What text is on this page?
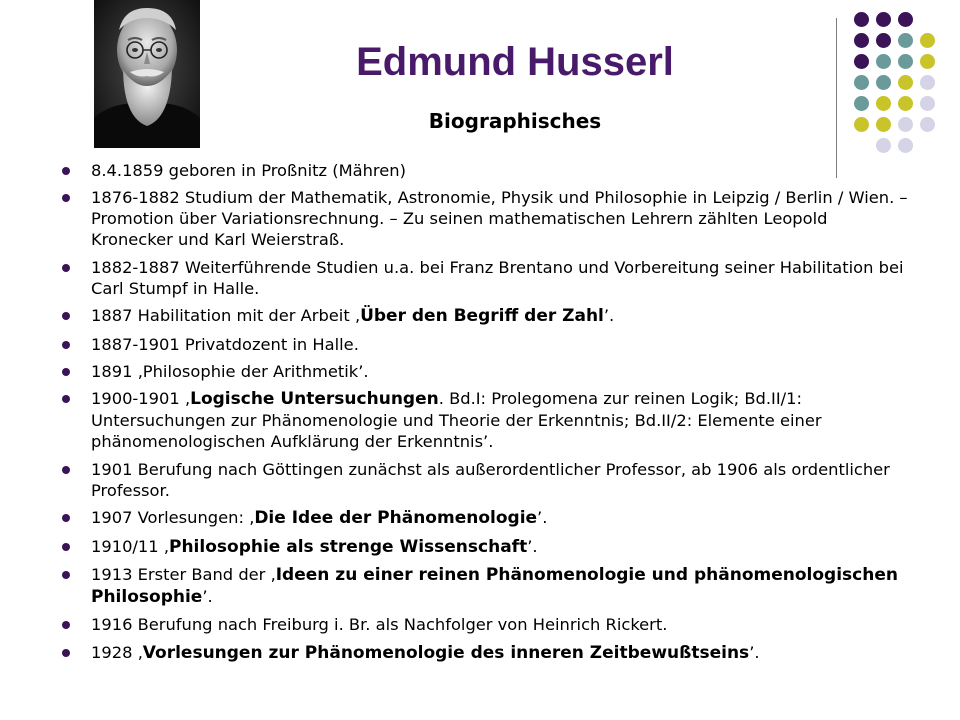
Edmund Husserl
Biographisches
8.4.1859 geboren in Proßnitz (Mähren)
1876-1882 Studium der Mathematik, Astronomie, Physik und Philosophie in Leipzig / Berlin / Wien. – Promotion über Variationsrechnung. – Zu seinen mathematischen Lehrern zählten Leopold Kronecker und Karl Weierstraß.
1882-1887 Weiterführende Studien u.a. bei Franz Brentano und Vorbereitung seiner Habilitation bei Carl Stumpf in Halle.
1887 Habilitation mit der Arbeit ‚Über den Begriff der Zahl’.
1887-1901 Privatdozent in Halle.
1891 ‚Philosophie der Arithmetik’.
1900-1901 ‚Logische Untersuchungen. Bd.I: Prolegomena zur reinen Logik; Bd.II/1: Untersuchungen zur Phänomenologie und Theorie der Erkenntnis; Bd.II/2: Elemente einer phänomenologischen Aufklärung der Erkenntnis’.
1901 Berufung nach Göttingen zunächst als außerordentlicher Professor, ab 1906 als ordentlicher Professor.
1907 Vorlesungen: ‚Die Idee der Phänomenologie’.
1910/11 ‚Philosophie als strenge Wissenschaft’.
1913 Erster Band der ‚Ideen zu einer reinen Phänomenologie und phänomenologischen Philosophie’.
1916 Berufung nach Freiburg i. Br. als Nachfolger von Heinrich Rickert.
1928 ‚Vorlesungen zur Phänomenologie des inneren Zeitbewußtseins’.
